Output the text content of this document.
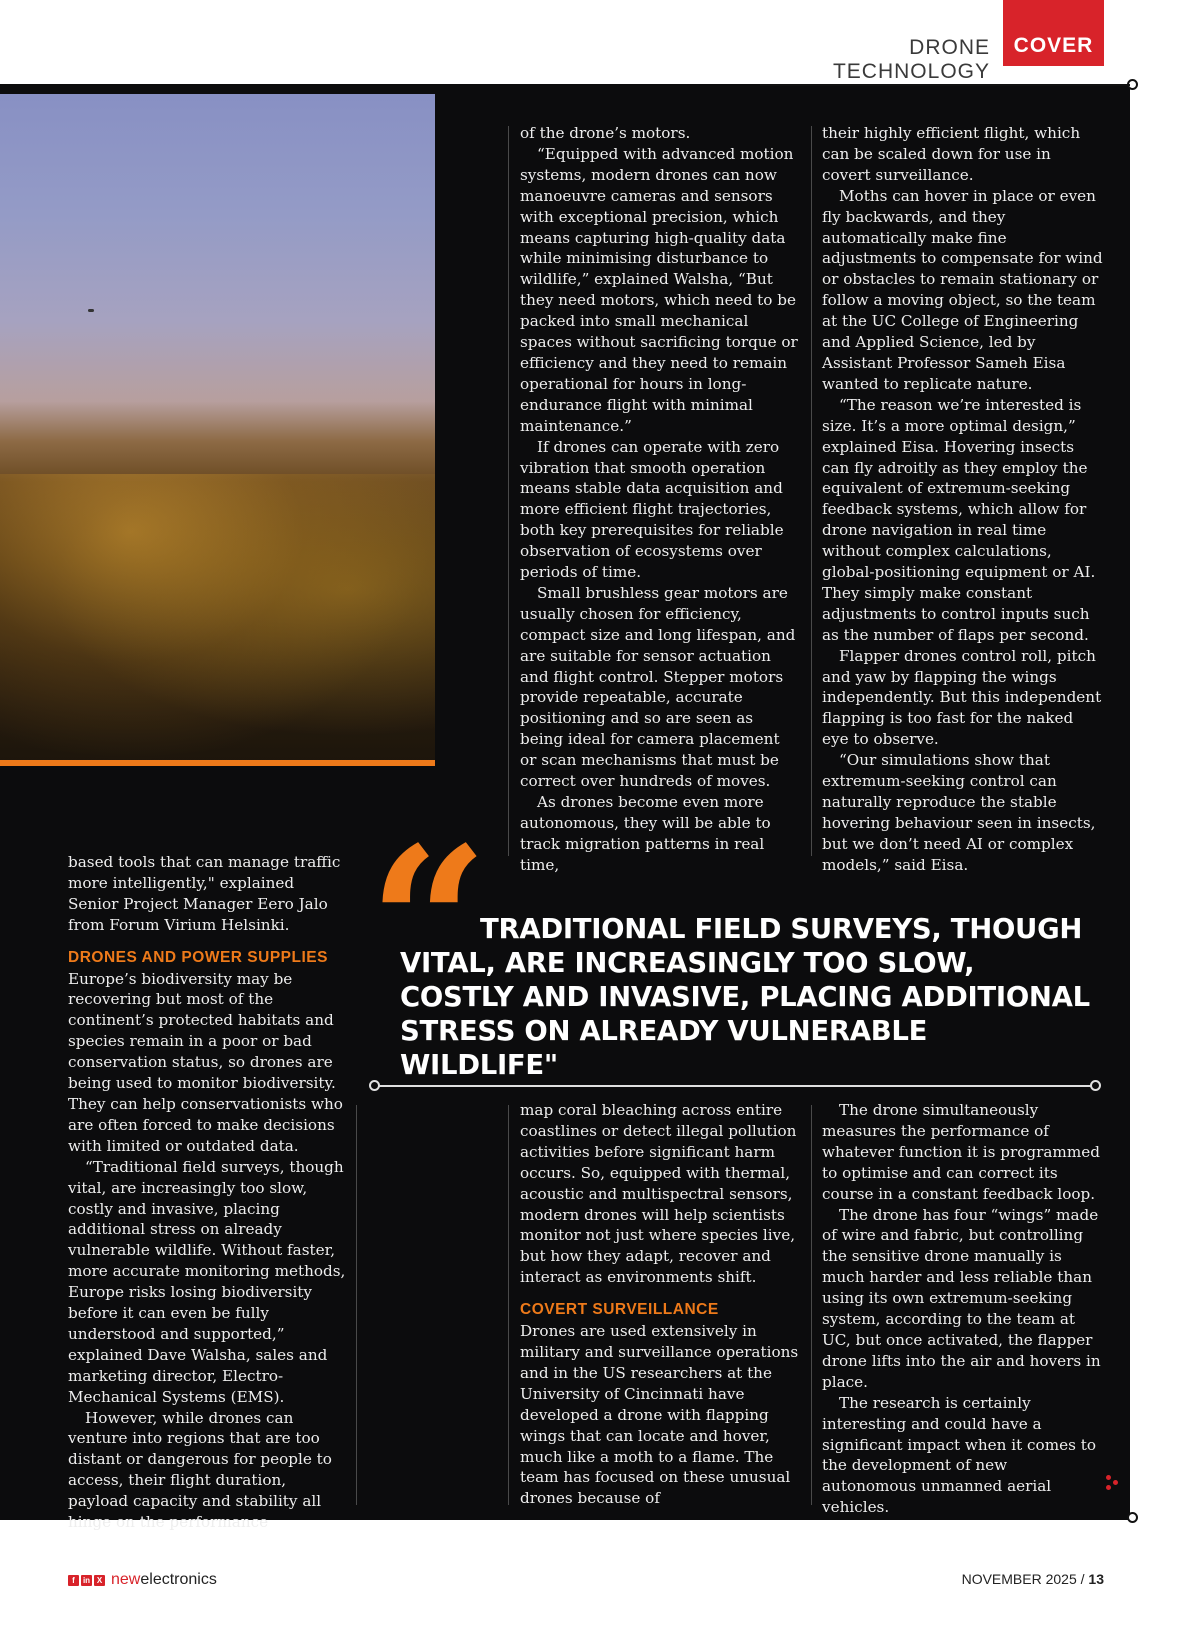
DRONE TECHNOLOGY
COVER

based tools that can manage traffic more intelligently," explained Senior Project Manager Eero Jalo from Forum Virium Helsinki.

DRONES AND POWER SUPPLIES

Europe’s biodiversity may be recovering but most of the continent’s protected habitats and species remain in a poor or bad conservation status, so drones are being used to monitor biodiversity. They can help conservationists who are often forced to make decisions with limited or outdated data.

“Traditional field surveys, though vital, are increasingly too slow, costly and invasive, placing additional stress on already vulnerable wildlife. Without faster, more accurate monitoring methods, Europe risks losing biodiversity before it can even be fully understood and supported,” explained Dave Walsha, sales and marketing director, Electro-Mechanical Systems (EMS).

However, while drones can venture into regions that are too distant or dangerous for people to access, their flight duration, payload capacity and stability all hinge on the performance

of the drone’s motors.

“Equipped with advanced motion systems, modern drones can now manoeuvre cameras and sensors with exceptional precision, which means capturing high-quality data while minimising disturbance to wildlife,” explained Walsha, “But they need motors, which need to be packed into small mechanical spaces without sacrificing torque or efficiency and they need to remain operational for hours in long-endurance flight with minimal maintenance.”

If drones can operate with zero vibration that smooth operation means stable data acquisition and more efficient flight trajectories, both key prerequisites for reliable observation of ecosystems over periods of time.

Small brushless gear motors are usually chosen for efficiency, compact size and long lifespan, and are suitable for sensor actuation and flight control. Stepper motors provide repeatable, accurate positioning and so are seen as being ideal for camera placement or scan mechanisms that must be correct over hundreds of moves.

As drones become even more autonomous, they will be able to track migration patterns in real time,

their highly efficient flight, which can be scaled down for use in covert surveillance.

Moths can hover in place or even fly backwards, and they automatically make fine adjustments to compensate for wind or obstacles to remain stationary or follow a moving object, so the team at the UC College of Engineering and Applied Science, led by Assistant Professor Sameh Eisa wanted to replicate nature.

“The reason we’re interested is size. It’s a more optimal design,” explained Eisa. Hovering insects can fly adroitly as they employ the equivalent of extremum-seeking feedback systems, which allow for drone navigation in real time without complex calculations, global-positioning equipment or AI. They simply make constant adjustments to control inputs such as the number of flaps per second.

Flapper drones control roll, pitch and yaw by flapping the wings independently. But this independent flapping is too fast for the naked eye to observe.

“Our simulations show that extremum-seeking control can naturally reproduce the stable hovering behaviour seen in insects, but we don’t need AI or complex models,” said Eisa.

“
TRADITIONAL FIELD SURVEYS, THOUGH VITAL, ARE INCREASINGLY TOO SLOW, COSTLY AND INVASIVE, PLACING ADDITIONAL STRESS ON ALREADY VULNERABLE WILDLIFE"

map coral bleaching across entire coastlines or detect illegal pollution activities before significant harm occurs. So, equipped with thermal, acoustic and multispectral sensors, modern drones will help scientists monitor not just where species live, but how they adapt, recover and interact as environments shift.

COVERT SURVEILLANCE

Drones are used extensively in military and surveillance operations and in the US researchers at the University of Cincinnati have developed a drone with flapping wings that can locate and hover, much like a moth to a flame. The team has focused on these unusual drones because of

The drone simultaneously measures the performance of whatever function it is programmed to optimise and can correct its course in a constant feedback loop.

The drone has four “wings” made of wire and fabric, but controlling the sensitive drone manually is much harder and less reliable than using its own extremum-seeking system, according to the team at UC, but once activated, the flapper drone lifts into the air and hovers in place.

The research is certainly interesting and could have a significant impact when it comes to the development of new autonomous unmanned aerial vehicles.

f	in X newelectronics	NOVEMBER 2025 / 13
